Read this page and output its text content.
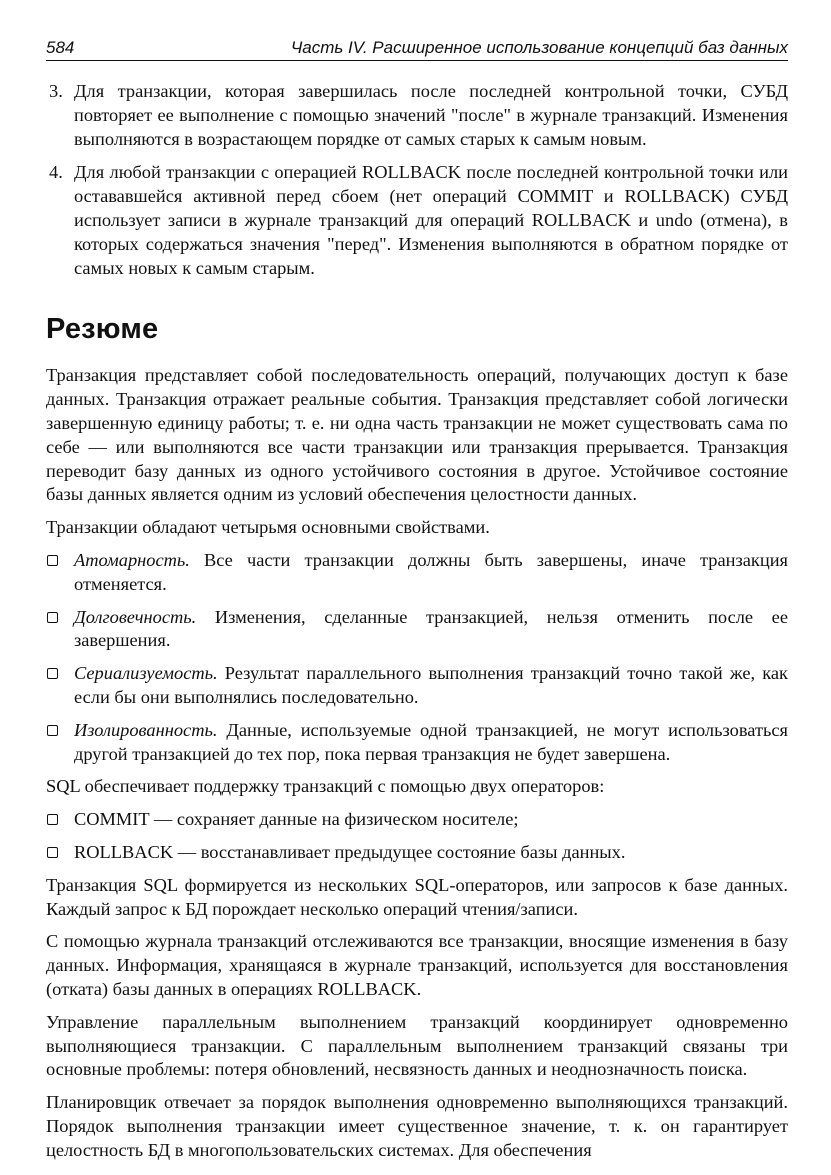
584	Часть IV. Расширенное использование концепций баз данных
3. Для транзакции, которая завершилась после последней контрольной точки, СУБД повторяет ее выполнение с помощью значений "после" в журнале транзакций. Изменения выполняются в возрастающем порядке от самых старых к самым новым.
4. Для любой транзакции с операцией ROLLBACK после последней контрольной точки или остававшейся активной перед сбоем (нет операций COMMIT и ROLLBACK) СУБД использует записи в журнале транзакций для операций ROLLBACK и undo (отмена), в которых содержаться значения "перед". Изменения выполняются в обратном порядке от самых новых к самым старым.
Резюме

Транзакция представляет собой последовательность операций, получающих доступ к базе данных. Транзакция отражает реальные события. Транзакция представляет собой логически завершенную единицу работы; т. е. ни одна часть транзакции не может существовать сама по себе — или выполняются все части транзакции или транзакция прерывается. Транзакция переводит базу данных из одного устойчивого состояния в другое. Устойчивое состояние базы данных является одним из условий обеспечения целостности данных.

Транзакции обладают четырьмя основными свойствами.

Атомарность. Все части транзакции должны быть завершены, иначе транзакция отменяется.
Долговечность. Изменения, сделанные транзакцией, нельзя отменить после ее завершения.
Сериализуемость. Результат параллельного выполнения транзакций точно такой же, как если бы они выполнялись последовательно.
Изолированность. Данные, используемые одной транзакцией, не могут использоваться другой транзакцией до тех пор, пока первая транзакция не будет завершена.

SQL обеспечивает поддержку транзакций с помощью двух операторов:

COMMIT — сохраняет данные на физическом носителе;
ROLLBACK — восстанавливает предыдущее состояние базы данных.

Транзакция SQL формируется из нескольких SQL-операторов, или запросов к базе данных. Каждый запрос к БД порождает несколько операций чтения/записи.

С помощью журнала транзакций отслеживаются все транзакции, вносящие изменения в базу данных. Информация, хранящаяся в журнале транзакций, используется для восстановления (отката) базы данных в операциях ROLLBACK.

Управление параллельным выполнением транзакций координирует одновременно выполняющиеся транзакции. С параллельным выполнением транзакций связаны три основные проблемы: потеря обновлений, несвязность данных и неоднозначность поиска.

Планировщик отвечает за порядок выполнения одновременно выполняющихся транзакций. Порядок выполнения транзакции имеет существенное значение, т. к. он гарантирует целостность БД в многопользовательских системах. Для обеспечения
